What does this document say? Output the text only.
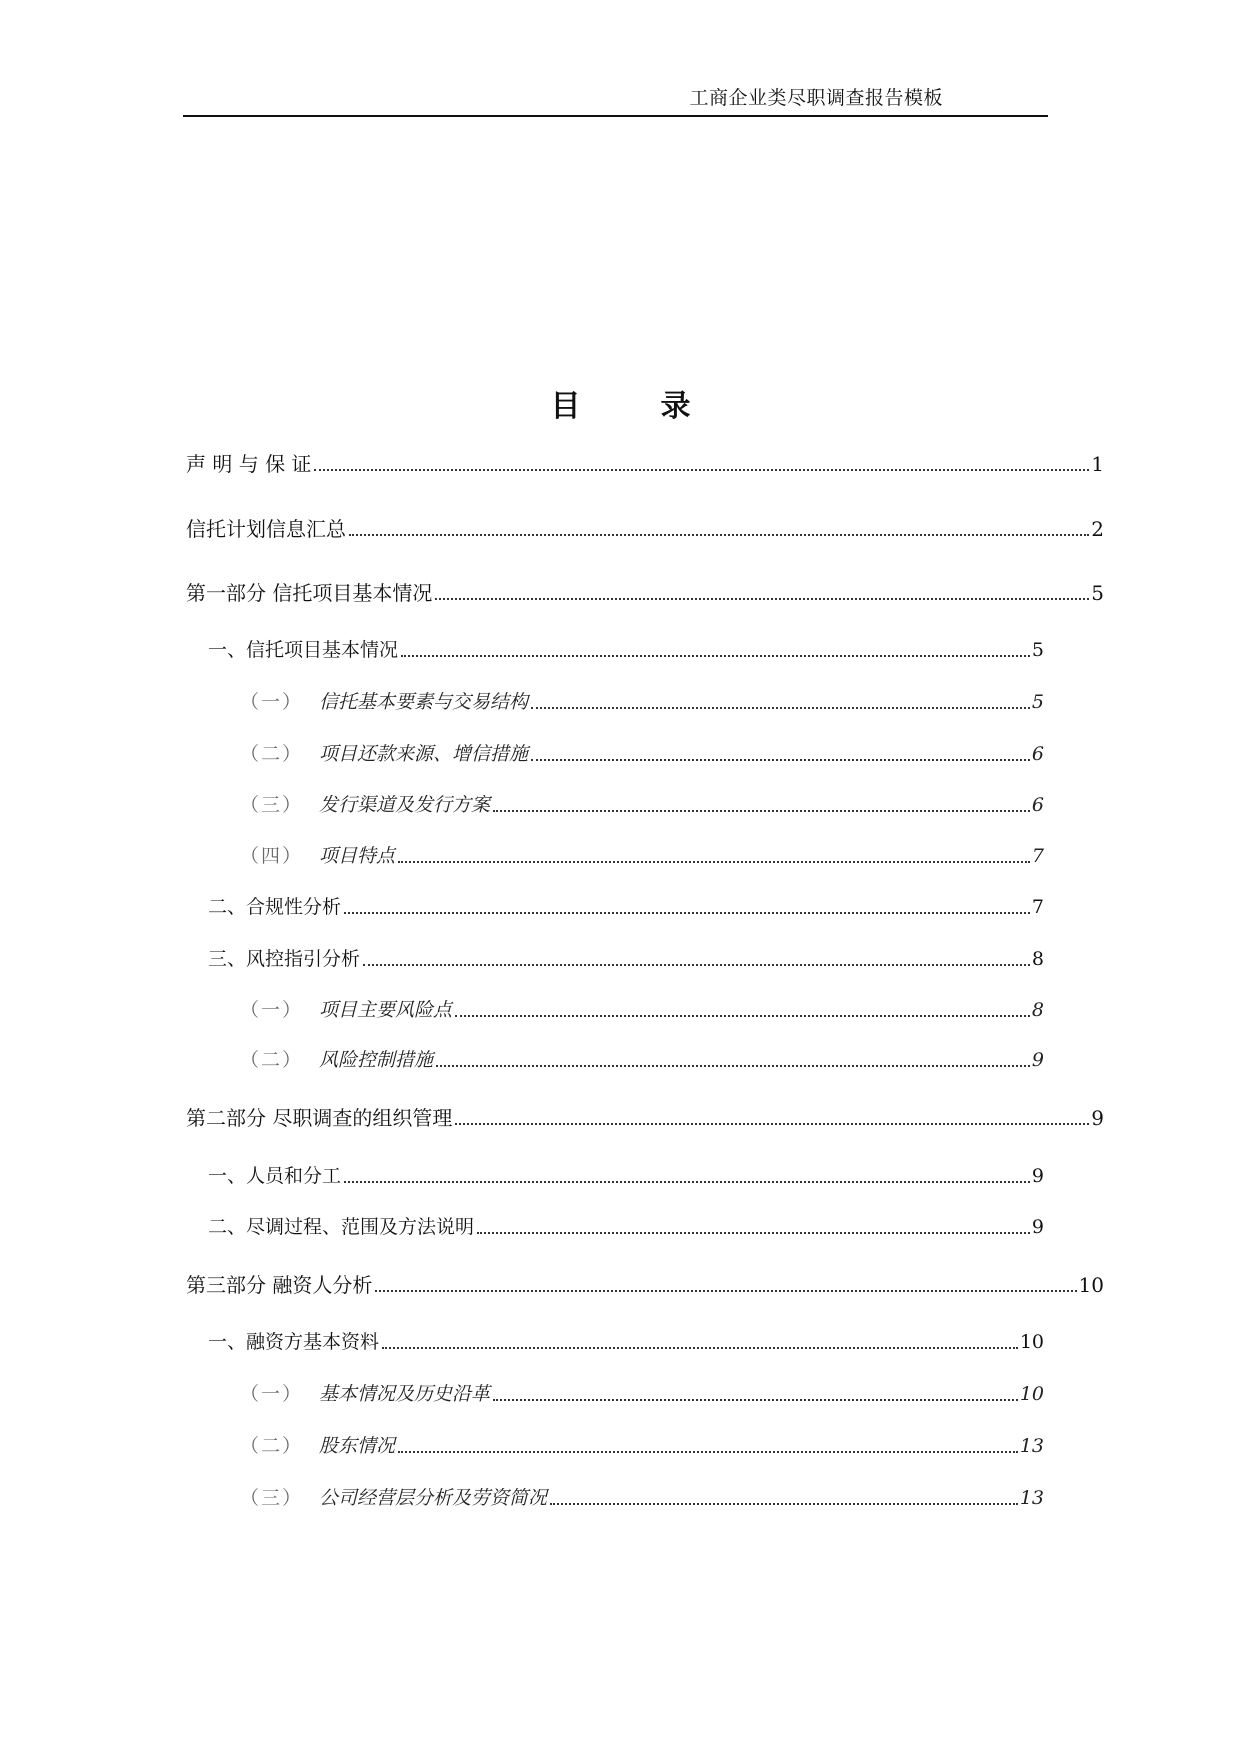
工商企业类尽职调查报告模板
目	录
声 明 与 保 证	1
信托计划信息汇总	2
第一部分 信托项目基本情况	5
一、信托项目基本情况	5
（一） 信托基本要素与交易结构	5
（二） 项目还款来源、增信措施	6
（三） 发行渠道及发行方案	6
（四） 项目特点	7
二、合规性分析	7
三、风控指引分析	8
（一） 项目主要风险点	8
（二） 风险控制措施	9
第二部分 尽职调查的组织管理	9
一、人员和分工	9
二、尽调过程、范围及方法说明	9
第三部分 融资人分析	10
一、融资方基本资料	10
（一） 基本情况及历史沿革	10
（二） 股东情况	13
（三） 公司经营层分析及劳资简况	13
